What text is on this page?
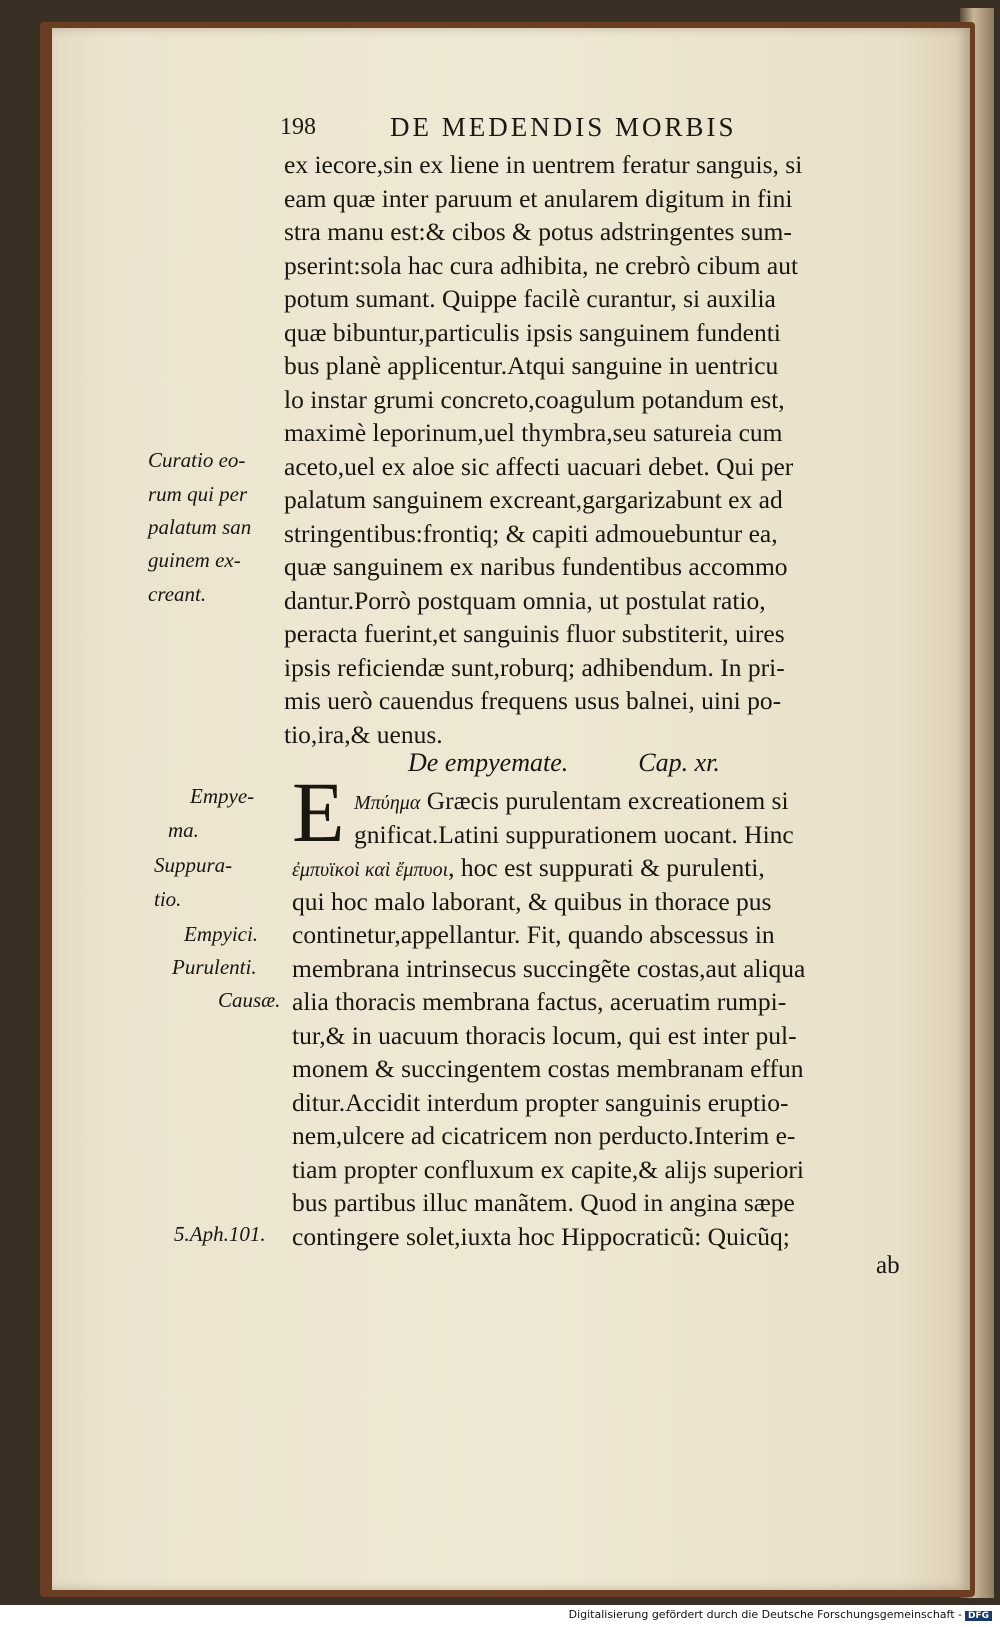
198	DE MEDENDIS MORBIS
ex iecore,sin ex liene in uentrem feratur sanguis, si
eam quæ inter paruum et anularem digitum in fini
stra manu est:& cibos & potus adstringentes sum-
pserint:sola hac cura adhibita, ne crebrò cibum aut
potum sumant. Quippe facilè curantur, si auxilia
quæ bibuntur,particulis ipsis sanguinem fundenti
bus planè applicentur.Atqui sanguine in uentricu
lo instar grumi concreto,coagulum potandum est,
maximè leporinum,uel thymbra,seu satureia cum
aceto,uel ex aloe sic affecti uacuari debet. Qui per
palatum sanguinem excreant,gargarizabunt ex ad
stringentibus:frontiq; & capiti admouebuntur ea,
quæ sanguinem ex naribus fundentibus accommo
dantur.Porrò postquam omnia, ut postulat ratio,
peracta fuerint,et sanguinis fluor substiterit, uires
ipsis reficiendæ sunt,roburq; adhibendum. In pri-
mis uerò cauendus frequens usus balnei, uini po-
tio,ira,& uenus.
De empyemate.	Cap. xr.
E Μπύημα Græcis purulentam excreationem si
gnificat.Latini suppurationem uocant. Hinc
ἐμπυϊκοὶ καὶ ἔμπυοι, hoc est suppurati & purulenti,
qui hoc malo laborant, & quibus in thorace pus
continetur,appellantur. Fit, quando abscessus in
membrana intrinsecus succingẽte costas,aut aliqua
alia thoracis membrana factus, aceruatim rumpi-
tur,& in uacuum thoracis locum, qui est inter pul-
monem & succingentem costas membranam effun
ditur.Accidit interdum propter sanguinis eruptio-
nem,ulcere ad cicatricem non perducto.Interim e-
tiam propter confluxum ex capite,& alijs superiori
bus partibus illuc manãtem. Quod in angina sæpe
contingere solet,iuxta hoc Hippocraticũ: Quicũq;
ab
Curatio eo-
rum qui per
palatum san
guinem ex-
creant.
Empye-
ma.
Suppura-
tio.
Empyici.
Purulenti.
Causæ.
5.Aph.101.
Digitalisierung gefördert durch die Deutsche Forschungsgemeinschaft - DFG
